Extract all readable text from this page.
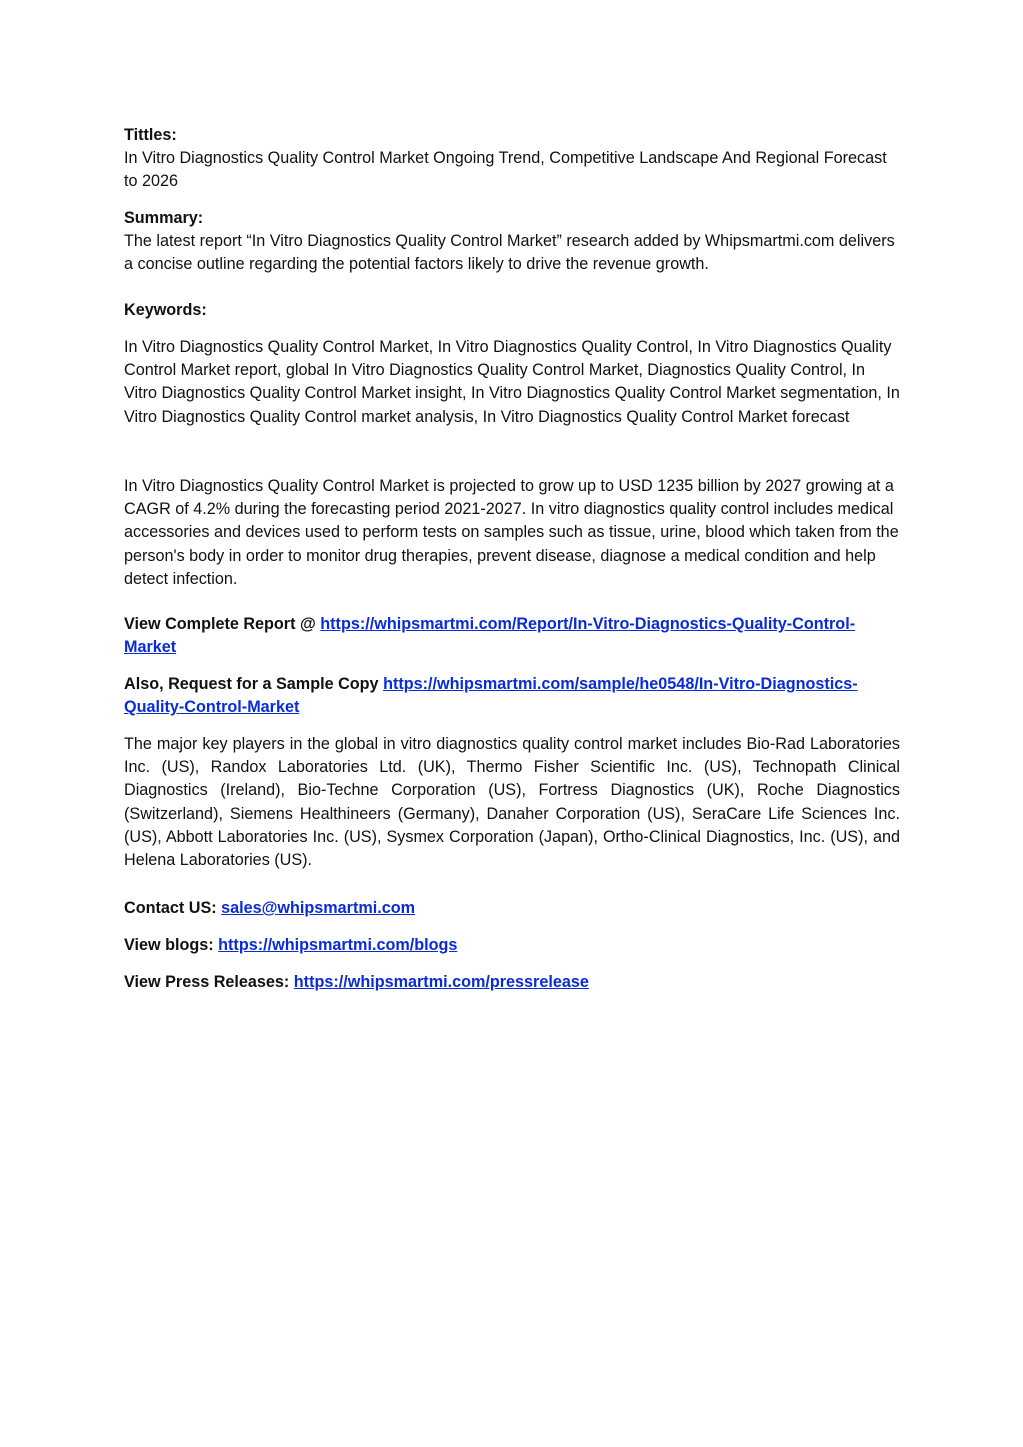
Tittles:

In Vitro Diagnostics Quality Control Market Ongoing Trend, Competitive Landscape And Regional Forecast to 2026

Summary:

The latest report “In Vitro Diagnostics Quality Control Market” research added by Whipsmartmi.com delivers a concise outline regarding the potential factors likely to drive the revenue growth.

Keywords:

In Vitro Diagnostics Quality Control Market, In Vitro Diagnostics Quality Control, In Vitro Diagnostics Quality Control Market report, global In Vitro Diagnostics Quality Control Market, Diagnostics Quality Control, In Vitro Diagnostics Quality Control Market insight, In Vitro Diagnostics Quality Control Market segmentation, In Vitro Diagnostics Quality Control market analysis, In Vitro Diagnostics Quality Control Market forecast

In Vitro Diagnostics Quality Control Market is projected to grow up to USD 1235 billion by 2027 growing at a CAGR of 4.2% during the forecasting period 2021-2027. In vitro diagnostics quality control includes medical accessories and devices used to perform tests on samples such as tissue, urine, blood which taken from the person's body in order to monitor drug therapies, prevent disease, diagnose a medical condition and help detect infection.

View Complete Report @ https://whipsmartmi.com/Report/In-Vitro-Diagnostics-Quality-Control-Market

Also, Request for a Sample Copy https://whipsmartmi.com/sample/he0548/In-Vitro-Diagnostics-Quality-Control-Market

The major key players in the global in vitro diagnostics quality control market includes Bio-Rad Laboratories Inc. (US), Randox Laboratories Ltd. (UK), Thermo Fisher Scientific Inc. (US), Technopath Clinical Diagnostics (Ireland), Bio-Techne Corporation (US), Fortress Diagnostics (UK), Roche Diagnostics (Switzerland), Siemens Healthineers (Germany), Danaher Corporation (US), SeraCare Life Sciences Inc. (US), Abbott Laboratories Inc. (US), Sysmex Corporation (Japan), Ortho-Clinical Diagnostics, Inc. (US), and Helena Laboratories (US).

Contact US: sales@whipsmartmi.com

View blogs: https://whipsmartmi.com/blogs

View Press Releases: https://whipsmartmi.com/pressrelease
